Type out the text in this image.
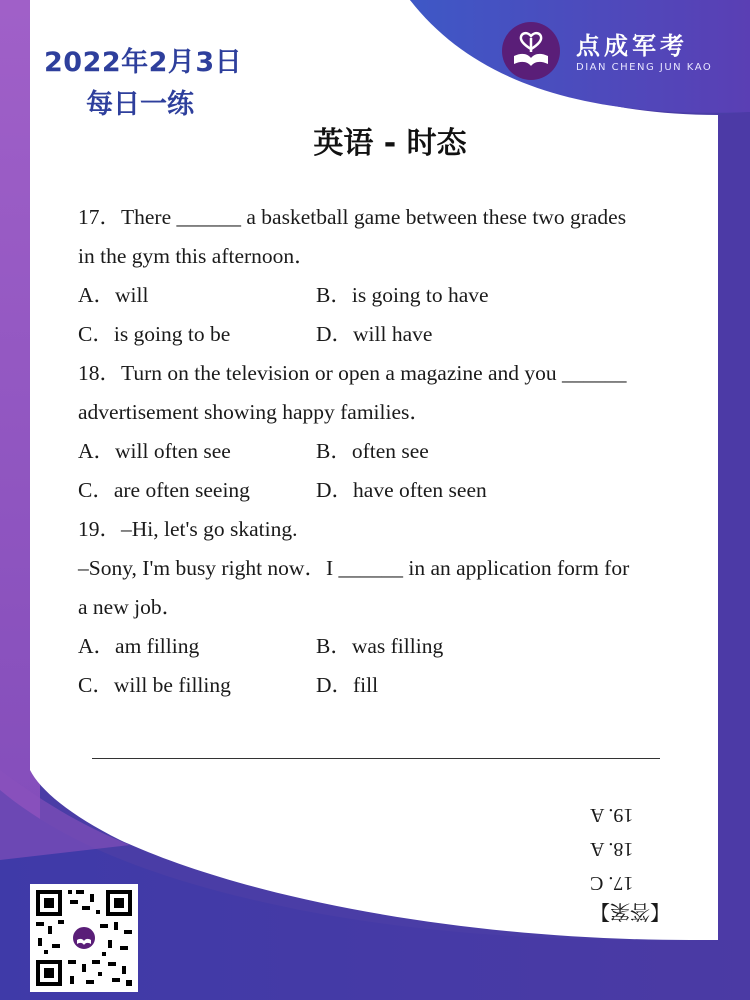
2022年2月3日
每日一练
点成军考
DIAN CHENG JUN KAO
英语 - 时态
17．There ______ a basketball game between these two grades
in the gym this afternoon．
A．will	B．is going to have
C．is going to be	D．will have
18．Turn on the television or open a magazine and you ______
advertisement showing happy families．
A．will often see	B．often see
C．are often seeing	D．have often seen
19．–Hi, let's go skating.
–Sony, I'm busy right now．I ______ in an application form for
a new job．
A．am filling	B．was filling
C．will be filling	D．fill
【答案】
17. C
18. A
19. A
